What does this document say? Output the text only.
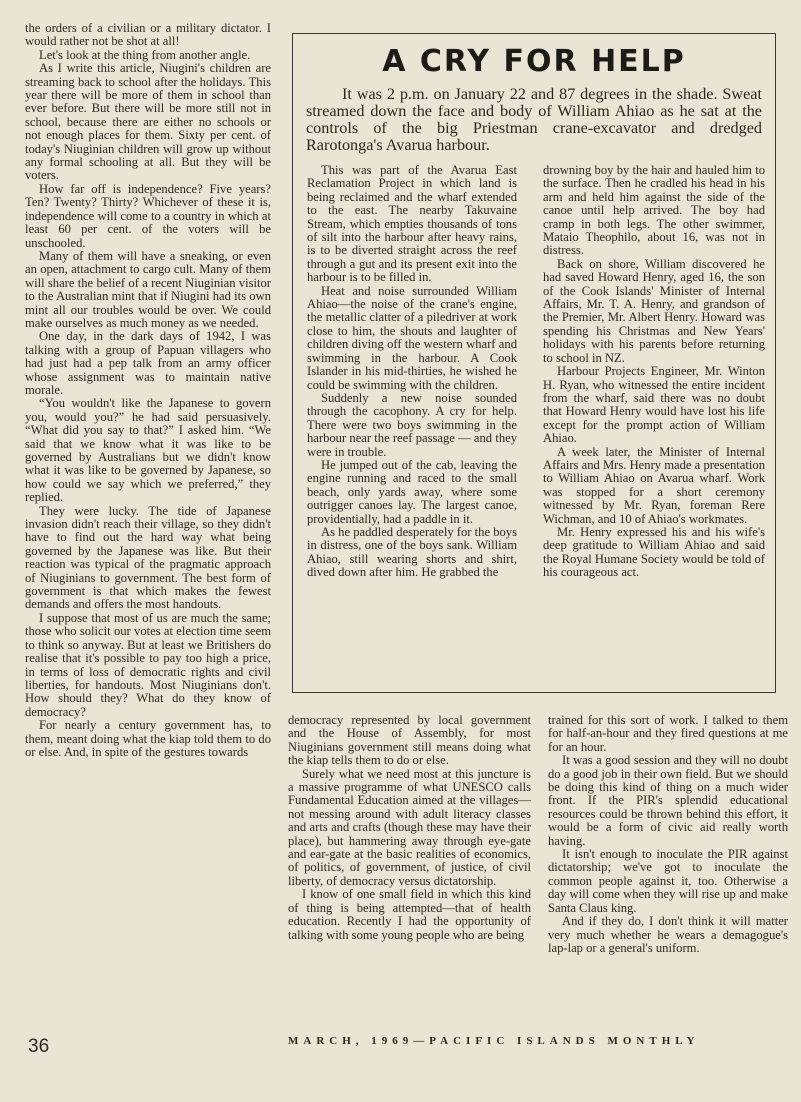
the orders of a civilian or a military dictator. I would rather not be shot at all!

Let's look at the thing from another angle.

As I write this article, Niugini's children are streaming back to school after the holidays. This year there will be more of them in school than ever before. But there will be more still not in school, because there are either no schools or not enough places for them. Sixty per cent. of today's Niuginian children will grow up without any formal schooling at all. But they will be voters.

How far off is independence? Five years? Ten? Twenty? Thirty? Whichever of these it is, independence will come to a country in which at least 60 per cent. of the voters will be unschooled.

Many of them will have a sneaking, or even an open, attachment to cargo cult. Many of them will share the belief of a recent Niuginian visitor to the Australian mint that if Niugini had its own mint all our troubles would be over. We could make ourselves as much money as we needed.

One day, in the dark days of 1942, I was talking with a group of Papuan villagers who had just had a pep talk from an army officer whose assignment was to maintain native morale.

“You wouldn't like the Japanese to govern you, would you?” he had said persuasively. “What did you say to that?” I asked him. “We said that we know what it was like to be governed by Australians but we didn't know what it was like to be governed by Japanese, so how could we say which we preferred,” they replied.

They were lucky. The tide of Japanese invasion didn't reach their village, so they didn't have to find out the hard way what being governed by the Japanese was like. But their reaction was typical of the pragmatic approach of Niuginians to government. The best form of government is that which makes the fewest demands and offers the most handouts.

I suppose that most of us are much the same; those who solicit our votes at election time seem to think so anyway. But at least we Britishers do realise that it's possible to pay too high a price, in terms of loss of democratic rights and civil liberties, for handouts. Most Niuginians don't. How should they? What do they know of democracy?

For nearly a century government has, to them, meant doing what the kiap told them to do or else. And, in spite of the gestures towards

A CRY FOR HELP
It was 2 p.m. on January 22 and 87 degrees in the shade. Sweat streamed down the face and body of William Ahiao as he sat at the controls of the big Priestman crane-excavator and dredged Rarotonga's Avarua harbour.

This was part of the Avarua East Reclamation Project in which land is being reclaimed and the wharf extended to the east. The nearby Takuvaine Stream, which empties thousands of tons of silt into the harbour after heavy rains, is to be diverted straight across the reef through a gut and its present exit into the harbour is to be filled in.

Heat and noise surrounded William Ahiao—the noise of the crane's engine, the metallic clatter of a piledriver at work close to him, the shouts and laughter of children diving off the western wharf and swimming in the harbour. A Cook Islander in his mid-thirties, he wished he could be swimming with the children.

Suddenly a new noise sounded through the cacophony. A cry for help. There were two boys swimming in the harbour near the reef passage — and they were in trouble.

He jumped out of the cab, leaving the engine running and raced to the small beach, only yards away, where some outrigger canoes lay. The largest canoe, providentially, had a paddle in it.

As he paddled desperately for the boys in distress, one of the boys sank. William Ahiao, still wearing shorts and shirt, dived down after him. He grabbed the

drowning boy by the hair and hauled him to the surface. Then he cradled his head in his arm and held him against the side of the canoe until help arrived. The boy had cramp in both legs. The other swimmer, Mataio Theophilo, about 16, was not in distress.

Back on shore, William discovered he had saved Howard Henry, aged 16, the son of the Cook Islands' Minister of Internal Affairs, Mr. T. A. Henry, and grandson of the Premier, Mr. Albert Henry. Howard was spending his Christmas and New Years' holidays with his parents before returning to school in NZ.

Harbour Projects Engineer, Mr. Winton H. Ryan, who witnessed the entire incident from the wharf, said there was no doubt that Howard Henry would have lost his life except for the prompt action of William Ahiao.

A week later, the Minister of Internal Affairs and Mrs. Henry made a presentation to William Ahiao on Avarua wharf. Work was stopped for a short ceremony witnessed by Mr. Ryan, foreman Rere Wichman, and 10 of Ahiao's workmates.

Mr. Henry expressed his and his wife's deep gratitude to William Ahiao and said the Royal Humane Society would be told of his courageous act.

democracy represented by local government and the House of Assembly, for most Niuginians government still means doing what the kiap tells them to do or else.

Surely what we need most at this juncture is a massive programme of what UNESCO calls Fundamental Education aimed at the villages— not messing around with adult literacy classes and arts and crafts (though these may have their place), but hammering away through eye-gate and ear-gate at the basic realities of economics, of politics, of government, of justice, of civil liberty, of democracy versus dictatorship.

I know of one small field in which this kind of thing is being attempted—that of health education. Recently I had the opportunity of talking with some young people who are being

trained for this sort of work. I talked to them for half-an-hour and they fired questions at me for an hour.

It was a good session and they will no doubt do a good job in their own field. But we should be doing this kind of thing on a much wider front. If the PIR's splendid educational resources could be thrown behind this effort, it would be a form of civic aid really worth having.

It isn't enough to inoculate the PIR against dictatorship; we've got to inoculate the common people against it, too. Otherwise a day will come when they will rise up and make Santa Claus king.

And if they do, I don't think it will matter very much whether he wears a demagogue's lap-lap or a general's uniform.

36	MARCH, 1969—PACIFIC ISLANDS MONTHLY
